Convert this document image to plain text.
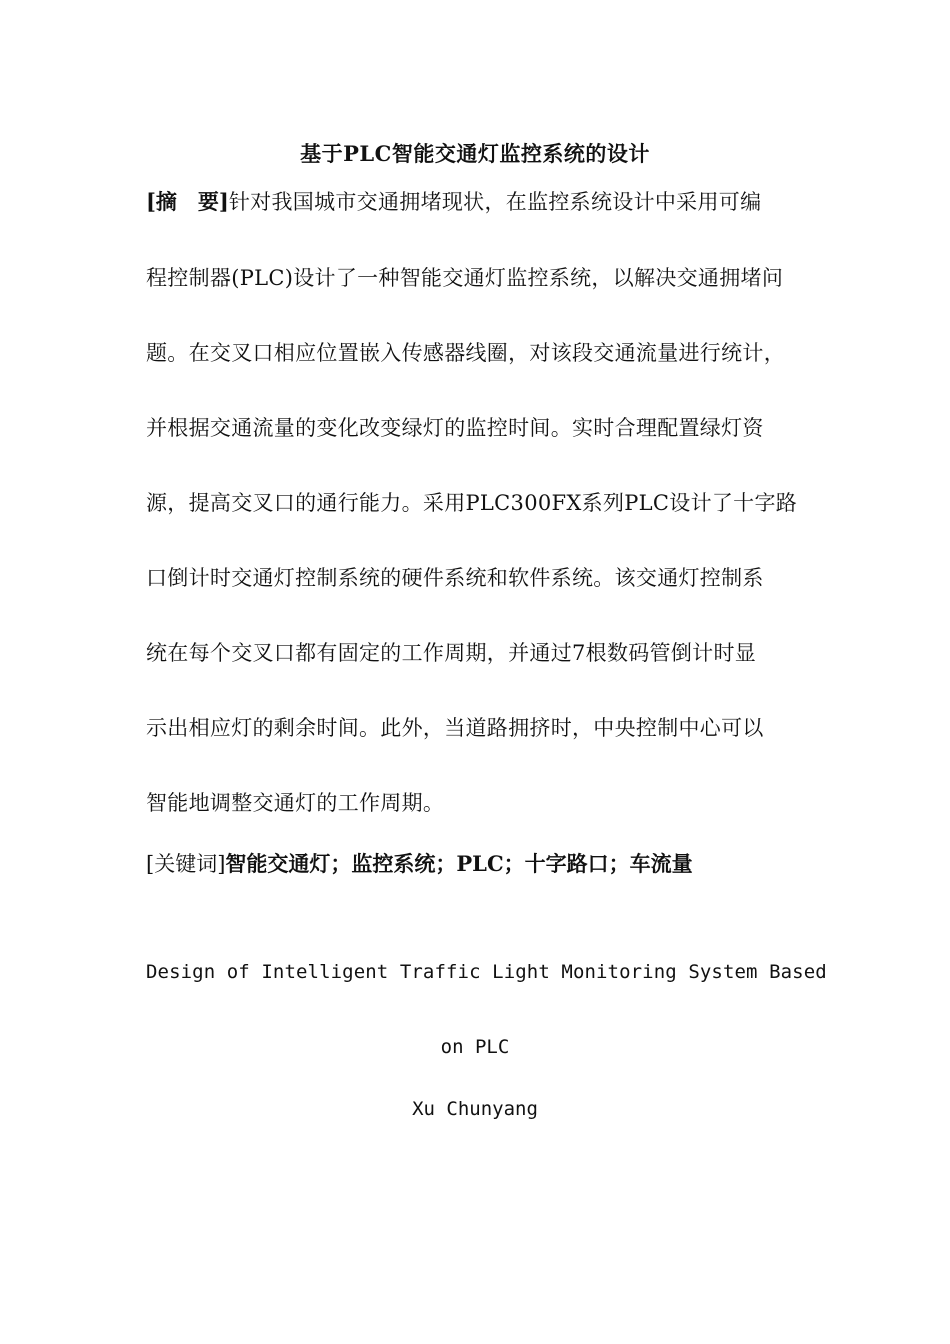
基于PLC智能交通灯监控系统的设计
[摘　要]针对我国城市交通拥堵现状，在监控系统设计中采用可编
程控制器(PLC)设计了一种智能交通灯监控系统，以解决交通拥堵问
题。在交叉口相应位置嵌入传感器线圈，对该段交通流量进行统计，
并根据交通流量的变化改变绿灯的监控时间。实时合理配置绿灯资
源，提高交叉口的通行能力。采用PLC300FX系列PLC设计了十字路
口倒计时交通灯控制系统的硬件系统和软件系统。该交通灯控制系
统在每个交叉口都有固定的工作周期，并通过7根数码管倒计时显
示出相应灯的剩余时间。此外，当道路拥挤时，中央控制中心可以
智能地调整交通灯的工作周期。
[关键词]智能交通灯；监控系统；PLC；十字路口；车流量
Design of Intelligent Traffic Light Monitoring System Based
on PLC
Xu Chunyang
